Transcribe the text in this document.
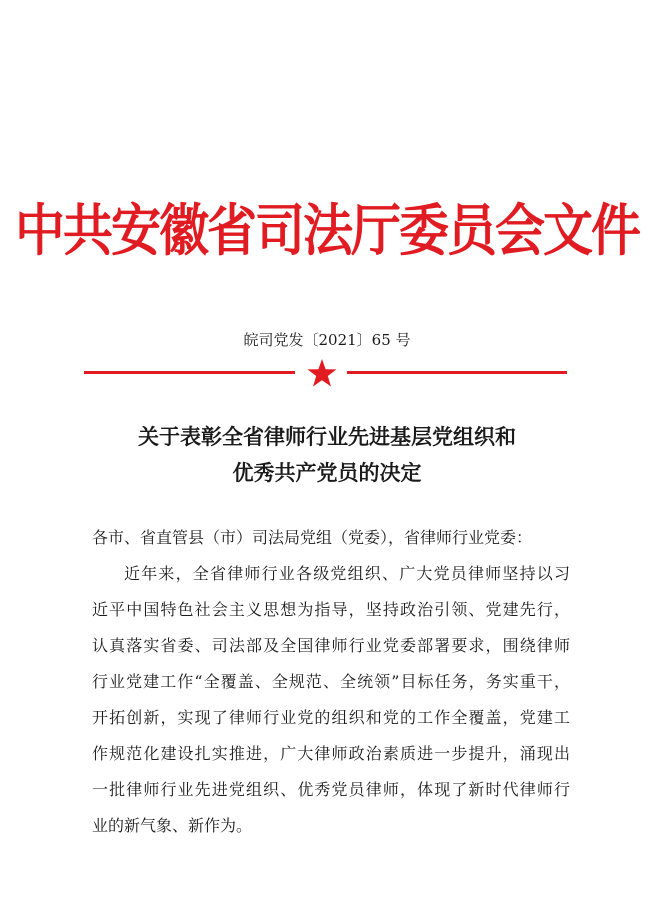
中共安徽省司法厅委员会文件
皖司党发〔2021〕65 号
关于表彰全省律师行业先进基层党组织和
优秀共产党员的决定
各市、省直管县（市）司法局党组（党委），省律师行业党委：
近年来，全省律师行业各级党组织、广大党员律师坚持以习
近平中国特色社会主义思想为指导，坚持政治引领、党建先行，
认真落实省委、司法部及全国律师行业党委部署要求，围绕律师
行业党建工作“全覆盖、全规范、全统领”目标任务，务实重干，
开拓创新，实现了律师行业党的组织和党的工作全覆盖，党建工
作规范化建设扎实推进，广大律师政治素质进一步提升，涌现出
一批律师行业先进党组织、优秀党员律师，体现了新时代律师行
业的新气象、新作为。
